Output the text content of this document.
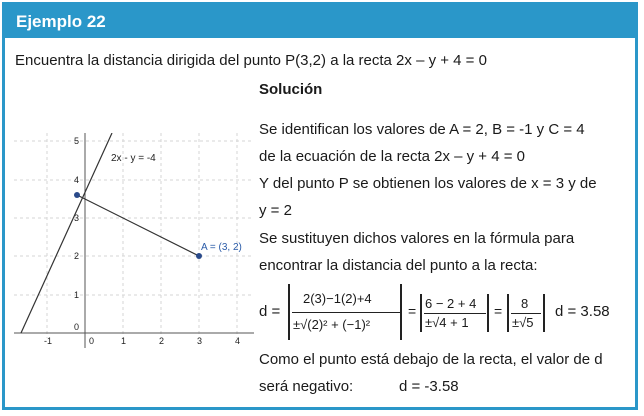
Ejemplo 22
Encuentra la distancia dirigida del punto P(3,2) a la recta 2x – y + 4 = 0
Solución
Se identifican los valores de A = 2, B = -1 y C = 4
de la ecuación de la recta 2x – y + 4 = 0
Y del punto P se obtienen los valores de x = 3 y de
y = 2
Se sustituyen dichos valores en la fórmula para
encontrar la distancia del punto a la recta:
d =
2(3)−1(2)+4
±√(2)² + (−1)²
= 6 − 2 + 4
±√4 + 1
= 8
±√5
d = 3.58
Como el punto está debajo de la recta, el valor de d
será negativo:	d = -3.58
-1	0	1	2	3	4
0
1
2
3
4
5
2x - y = -4
A = (3, 2)
